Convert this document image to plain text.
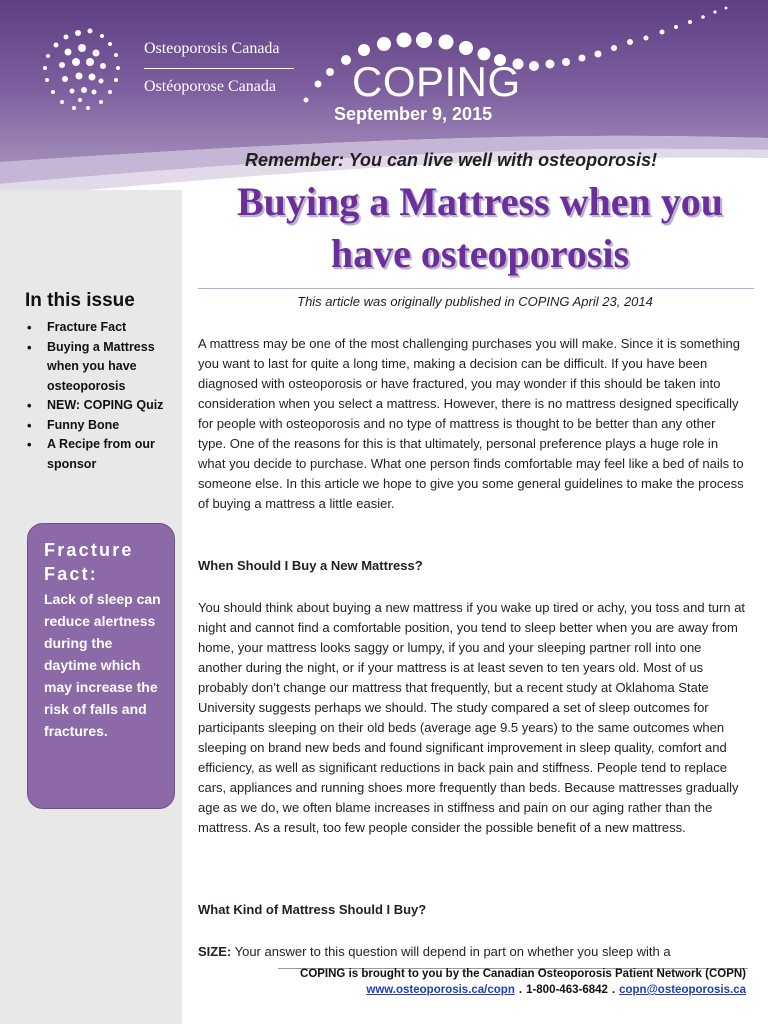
Osteoporosis Canada
Ostéoporose Canada COPING
September 9, 2015
In this issue
• Fracture Fact
• Buying a Mattress when you have osteoporosis
• NEW: COPING Quiz
• Funny Bone
• A Recipe from our sponsor
Fracture Fact:
Lack of sleep can reduce alertness during the daytime which may increase the risk of falls and fractures.
Remember: You can live well with osteoporosis!
Buying a Mattress when you have osteoporosis
This article was originally published in COPING April 23, 2014

A mattress may be one of the most challenging purchases you will make. Since it is something you want to last for quite a long time, making a decision can be difficult. If you have been diagnosed with osteoporosis or have fractured, you may wonder if this should be taken into consideration when you select a mattress. However, there is no mattress designed specifically for people with osteoporosis and no type of mattress is thought to be better than any other type. One of the reasons for this is that ultimately, personal preference plays a huge role in what you decide to purchase. What one person finds comfortable may feel like a bed of nails to someone else. In this article we hope to give you some general guidelines to make the process of buying a mattress a little easier.

When Should I Buy a New Mattress?

You should think about buying a new mattress if you wake up tired or achy, you toss and turn at night and cannot find a comfortable position, you tend to sleep better when you are away from home, your mattress looks saggy or lumpy, if you and your sleeping partner roll into one another during the night, or if your mattress is at least seven to ten years old. Most of us probably don’t change our mattress that frequently, but a recent study at Oklahoma State University suggests perhaps we should. The study compared a set of sleep outcomes for participants sleeping on their old beds (average age 9.5 years) to the same outcomes when sleeping on brand new beds and found significant improvement in sleep quality, comfort and efficiency, as well as significant reductions in back pain and stiffness. People tend to replace cars, appliances and running shoes more frequently than beds. Because mattresses gradually age as we do, we often blame increases in stiffness and pain on our aging rather than the mattress. As a result, too few people consider the possible benefit of a new mattress.

What Kind of Mattress Should I Buy?

SIZE: Your answer to this question will depend in part on whether you sleep with a

COPING is brought to you by the Canadian Osteoporosis Patient Network (COPN)
www.osteoporosis.ca/copn . 1-800-463-6842 . copn@osteoporosis.ca
